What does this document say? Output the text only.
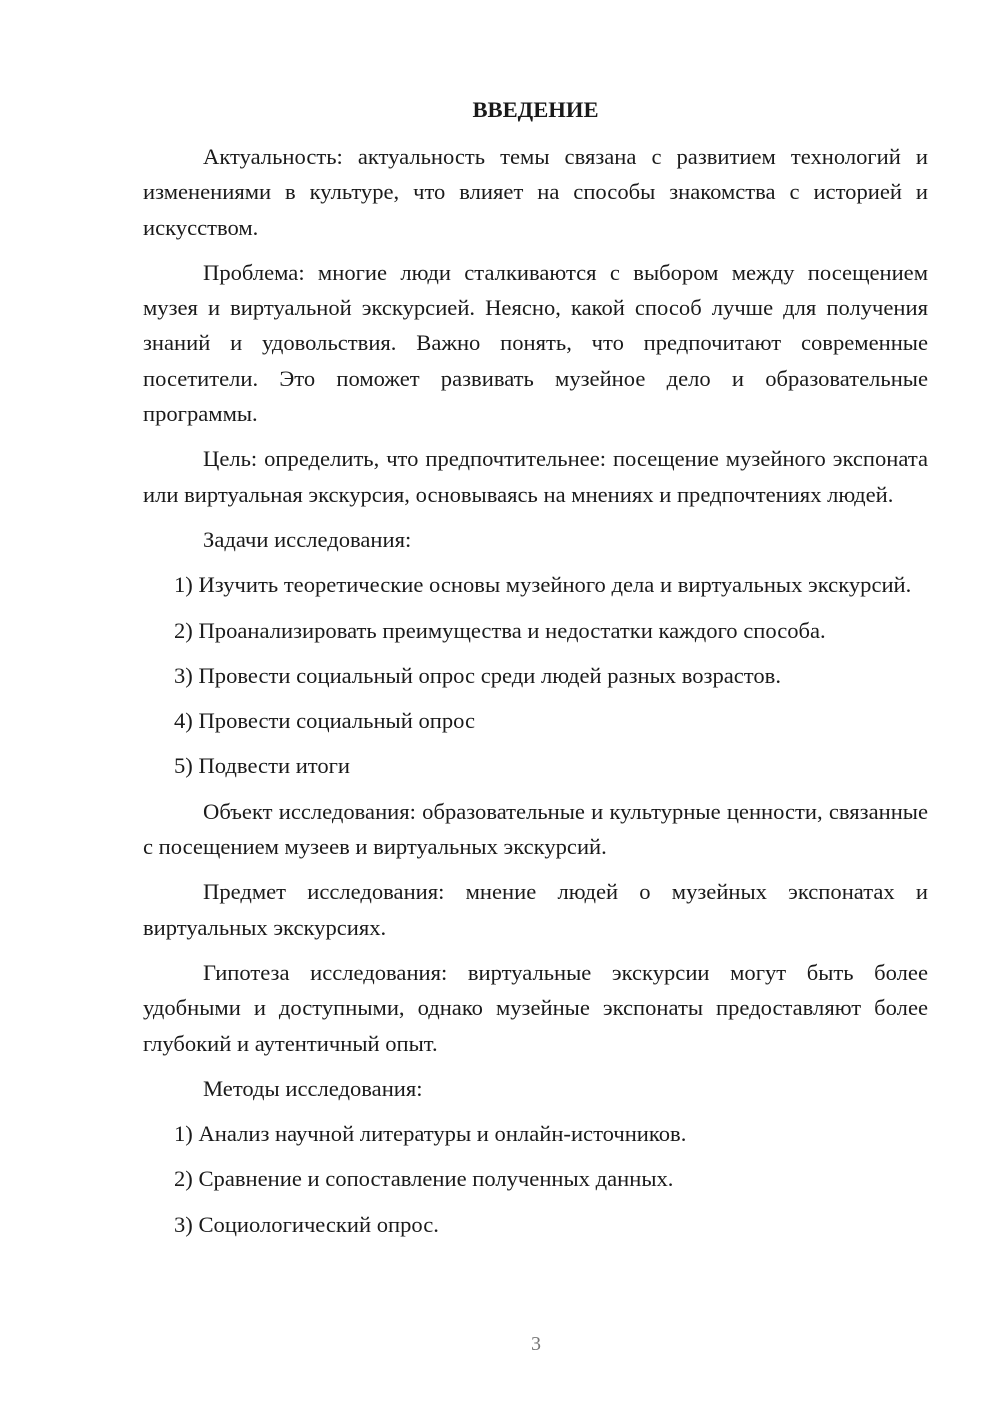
ВВЕДЕНИЕ

Актуальность: актуальность темы связана с развитием технологий и изменениями в культуре, что влияет на способы знакомства с историей и искусством.

Проблема: многие люди сталкиваются с выбором между посещением музея и виртуальной экскурсией. Неясно, какой способ лучше для получения знаний и удовольствия. Важно понять, что предпочитают современные посетители. Это поможет развивать музейное дело и образовательные программы.

Цель: определить, что предпочтительнее: посещение музейного экспоната или виртуальная экскурсия, основываясь на мнениях и предпочтениях людей.

Задачи исследования:

1) Изучить теоретические основы музейного дела и виртуальных экскурсий.

2) Проанализировать преимущества и недостатки каждого способа.

3) Провести социальный опрос среди людей разных возрастов.

4) Провести социальный опрос

5) Подвести итоги

Объект исследования: образовательные и культурные ценности, связанные с посещением музеев и виртуальных экскурсий.

Предмет исследования: мнение людей о музейных экспонатах и виртуальных экскурсиях.

Гипотеза исследования: виртуальные экскурсии могут быть более удобными и доступными, однако музейные экспонаты предоставляют более глубокий и аутентичный опыт.

Методы исследования:

1) Анализ научной литературы и онлайн-источников.

2) Сравнение и сопоставление полученных данных.

3) Социологический опрос.

3
